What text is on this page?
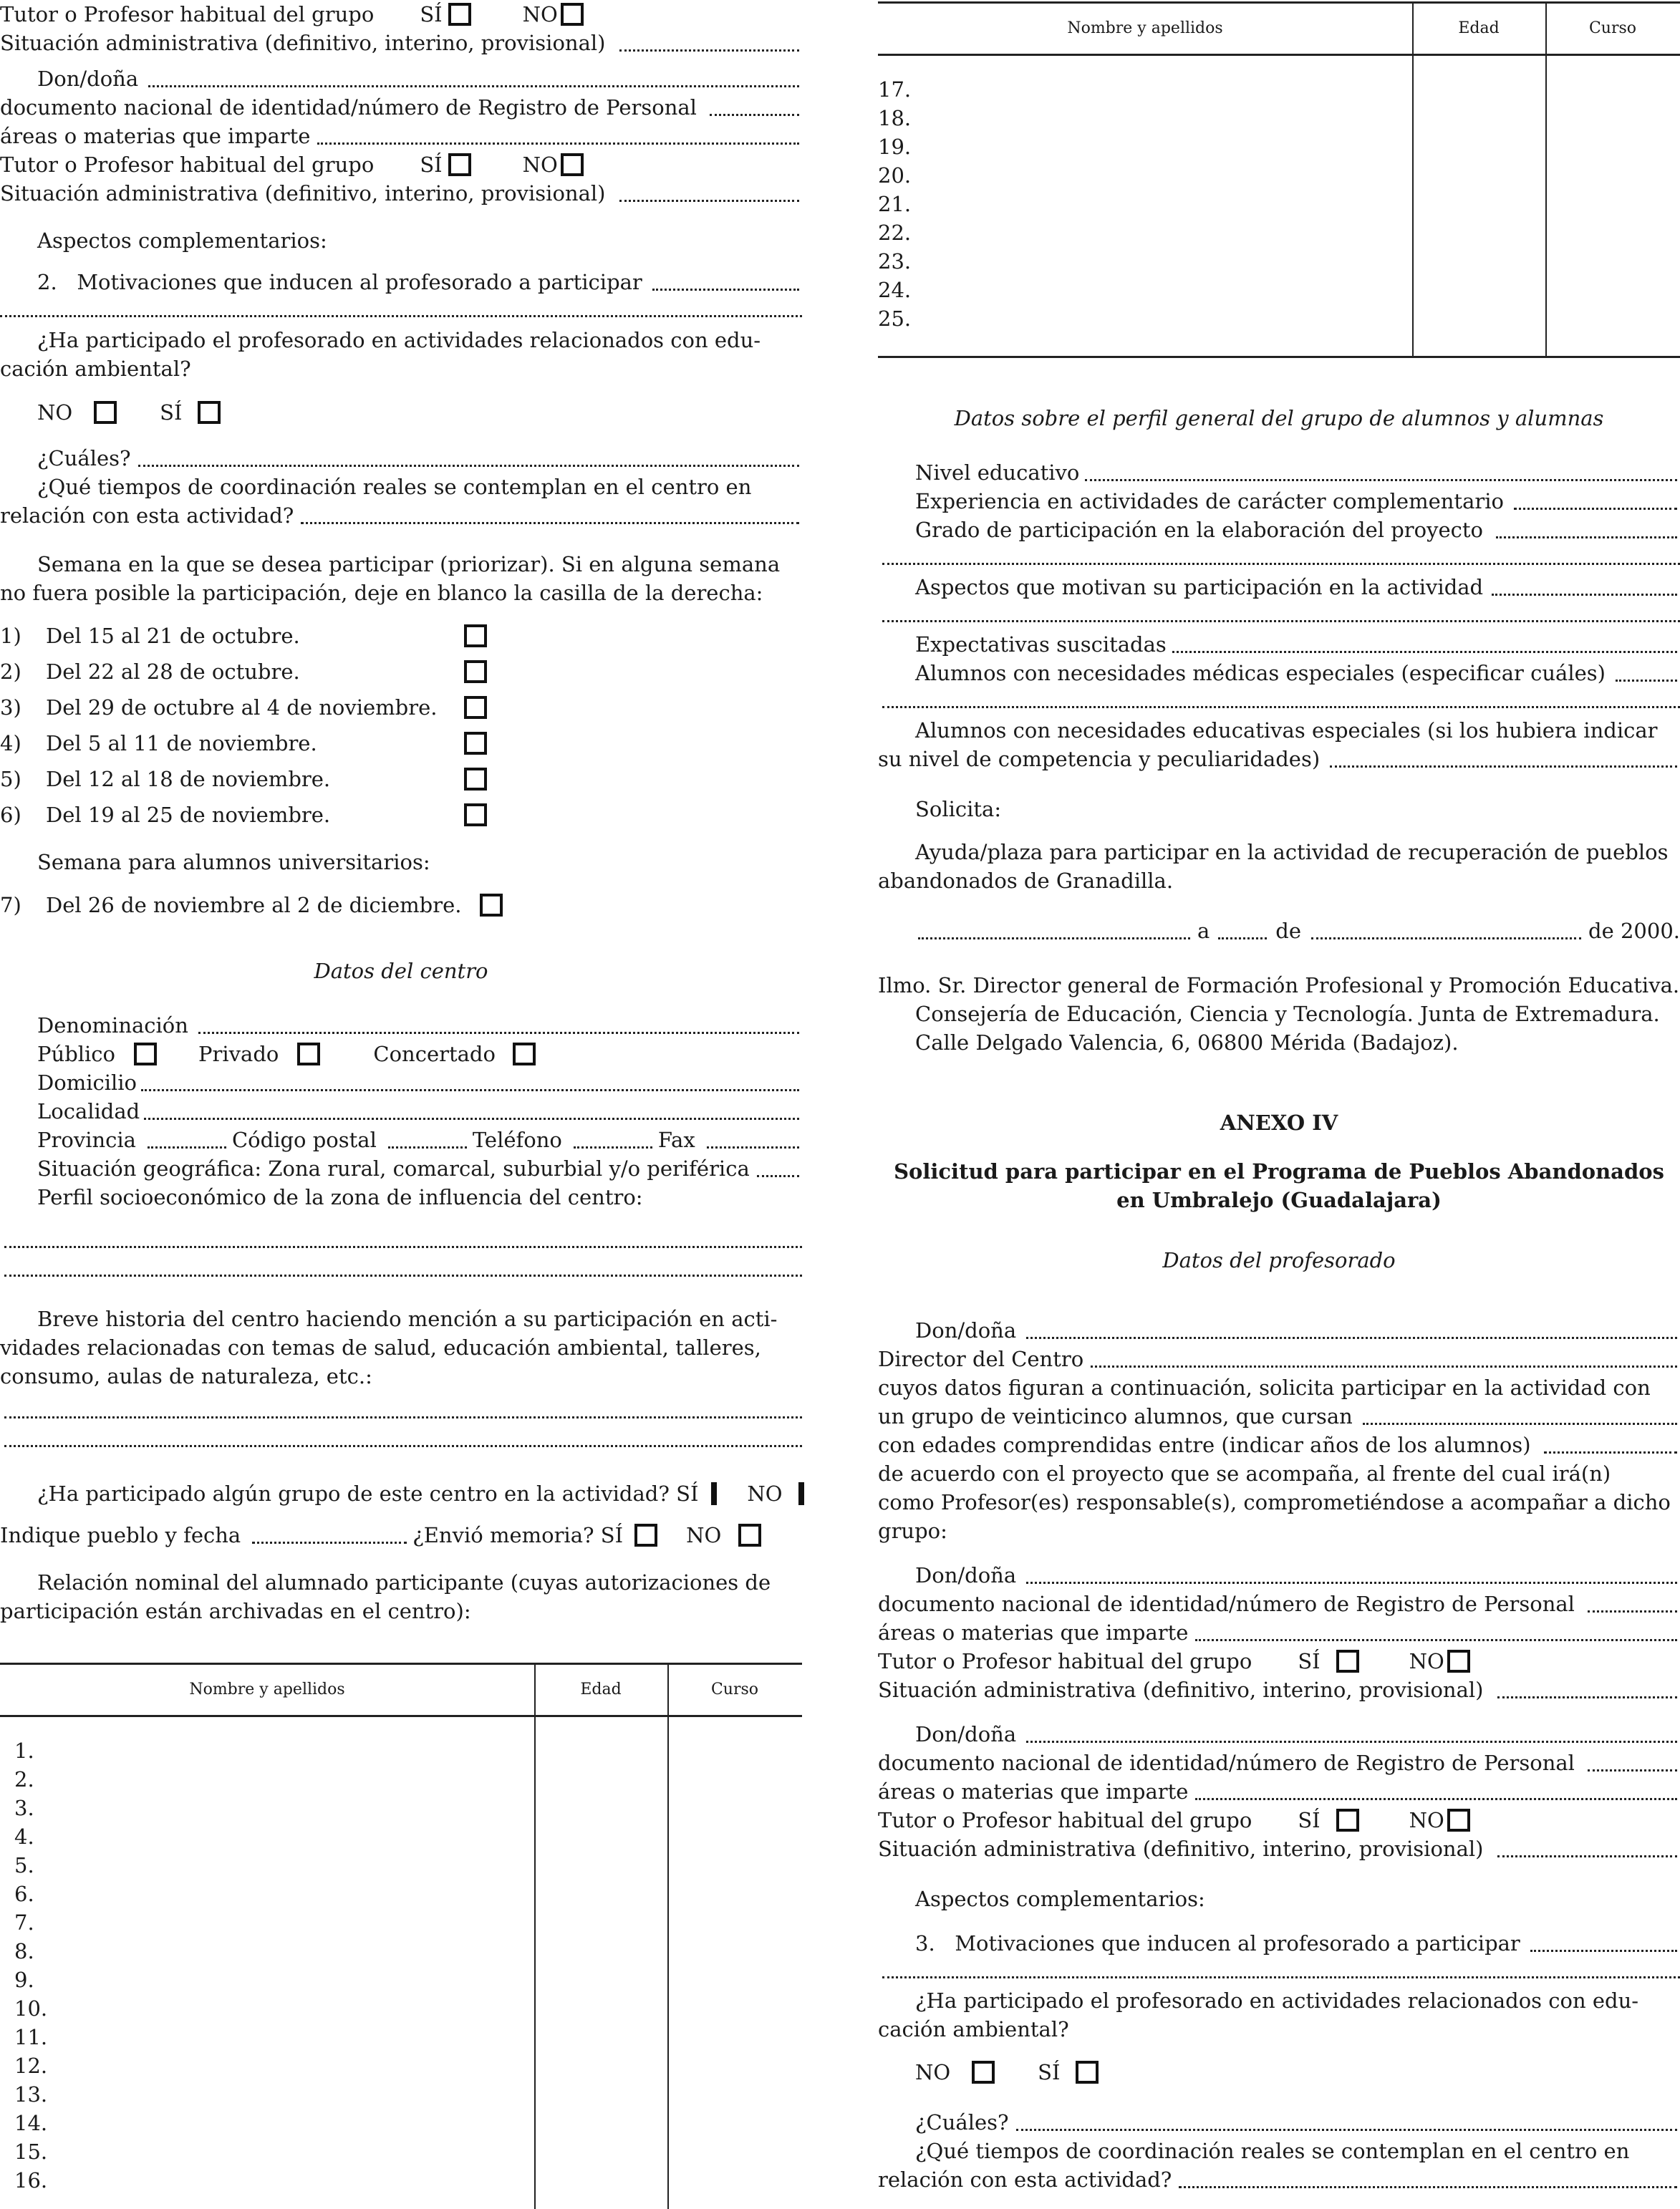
Tutor o Profesor habitual del grupo SÍ	NO
Situación administrativa (definitivo, interino, provisional)
Don/doña
documento nacional de identidad/número de Registro de Personal
áreas o materias que imparte
Tutor o Profesor habitual del grupo SÍ	NO
Situación administrativa (definitivo, interino, provisional)
Aspectos complementarios:
2.   Motivaciones que inducen al profesorado a participar
¿Ha participado el profesorado en actividades relacionados con edu-
cación ambiental?
NO	SÍ
¿Cuáles?
¿Qué tiempos de coordinación reales se contemplan en el centro en
relación con esta actividad?
Semana en la que se desea participar (priorizar). Si en alguna semana
no fuera posible la participación, deje en blanco la casilla de la derecha:
1)	Del 15 al 21 de octubre.
2)	Del 22 al 28 de octubre.
3)	Del 29 de octubre al 4 de noviembre.
4)	Del 5 al 11 de noviembre.
5)	Del 12 al 18 de noviembre.
6)	Del 19 al 25 de noviembre.
Semana para alumnos universitarios:
7)	Del 26 de noviembre al 2 de diciembre.
Datos del centro
Denominación
Público	Privado	Concertado
Domicilio
Localidad
Provincia	Código postal	Teléfono	Fax
Situación geográfica: Zona rural, comarcal, suburbial y/o periférica
Perfil socioeconómico de la zona de influencia del centro:
Breve historia del centro haciendo mención a su participación en acti-
vidades relacionadas con temas de salud, educación ambiental, talleres,
consumo, aulas de naturaleza, etc.:
¿Ha participado algún grupo de este centro en la actividad? SÍ NO
Indique pueblo y fecha	¿Envió memoria? SÍ	NO
Relación nominal del alumnado participante (cuyas autorizaciones de
participación están archivadas en el centro):
Nombre y apellidos	Edad	Curso
1.
2.
3.
4.
5.
6.
7.
8.
9.
10.
11.
12.
13.
14.
15.
16.
Nombre y apellidos	Edad	Curso
17.
18.
19.
20.
21.
22.
23.
24.
25.
Datos sobre el perfil general del grupo de alumnos y alumnas
Nivel educativo
Experiencia en actividades de carácter complementario
Grado de participación en la elaboración del proyecto
Aspectos que motivan su participación en la actividad
Expectativas suscitadas
Alumnos con necesidades médicas especiales (especificar cuáles)
Alumnos con necesidades educativas especiales (si los hubiera indicar
su nivel de competencia y peculiaridades)
Solicita:
Ayuda/plaza para participar en la actividad de recuperación de pueblos
abandonados de Granadilla.
a	de	de 2000.
Ilmo. Sr. Director general de Formación Profesional y Promoción Educativa.
Consejería de Educación, Ciencia y Tecnología. Junta de Extremadura.
Calle Delgado Valencia, 6, 06800 Mérida (Badajoz).
ANEXO IV
Solicitud para participar en el Programa de Pueblos Abandonados
en Umbralejo (Guadalajara)
Datos del profesorado
Don/doña
Director del Centro
cuyos datos figuran a continuación, solicita participar en la actividad con
un grupo de veinticinco alumnos, que cursan
con edades comprendidas entre (indicar años de los alumnos)
de acuerdo con el proyecto que se acompaña, al frente del cual irá(n)
como Profesor(es) responsable(s), comprometiéndose a acompañar a dicho
grupo:
Don/doña
documento nacional de identidad/número de Registro de Personal
áreas o materias que imparte
Tutor o Profesor habitual del grupo SÍ	NO
Situación administrativa (definitivo, interino, provisional)
Don/doña
documento nacional de identidad/número de Registro de Personal
áreas o materias que imparte
Tutor o Profesor habitual del grupo SÍ	NO
Situación administrativa (definitivo, interino, provisional)
Aspectos complementarios:
3.   Motivaciones que inducen al profesorado a participar
¿Ha participado el profesorado en actividades relacionados con edu-
cación ambiental?
NO	SÍ
¿Cuáles?
¿Qué tiempos de coordinación reales se contemplan en el centro en
relación con esta actividad?
